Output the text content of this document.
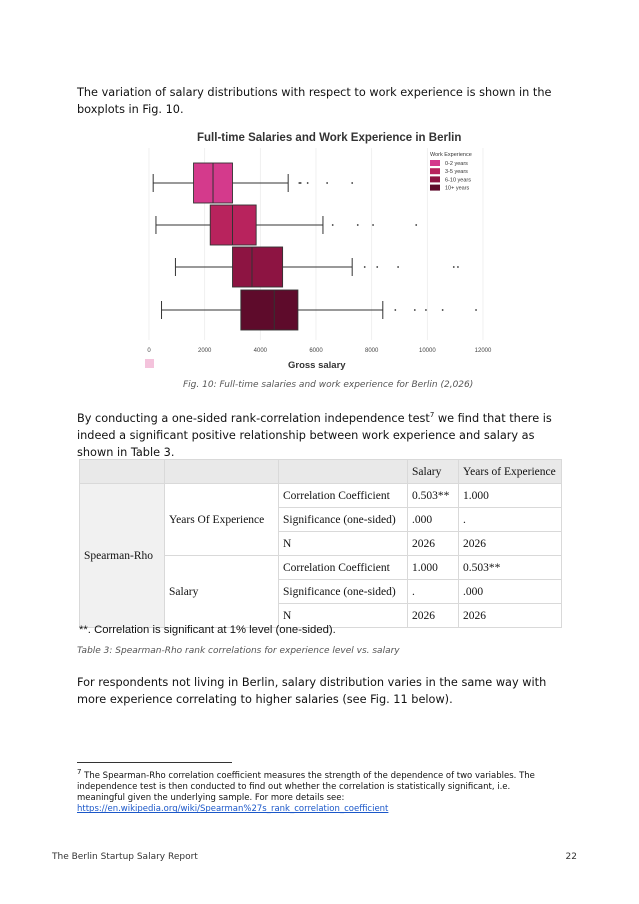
The variation of salary distributions with respect to work experience is shown in the boxplots in Fig. 10.

Full-time Salaries and Work Experience in Berlin
0	2000	4000	6000	8000	10000	12000
Gross salary
Work Experience
0-2 years
3-5 years
6-10 years
10+ years
Fig. 10: Full-time salaries and work experience for Berlin (2,026)

By conducting a one-sided rank-correlation independence test$^7$ we find that there is indeed a significant positive relationship between work experience and salary as shown in Table 3.

			Salary	Years of Experience
Spearman-Rho	Years Of Experience	Correlation Coefficient	0.503**	1.000
		Significance (one-sided)	.000	.
		N	2026	2026
	Salary	Correlation Coefficient	1.000	0.503**
		Significance (one-sided)	.	.000
		N	2026	2026
**. Correlation is significant at 1% level (one-sided).
Table 3: Spearman-Rho rank correlations for experience level vs. salary

For respondents not living in Berlin, salary distribution varies in the same way with more experience correlating to higher salaries (see Fig. 11 below).

$^7$ The Spearman-Rho correlation coefficient measures the strength of the dependence of two variables. The independence test is then conducted to find out whether the correlation is statistically significant, i.e. meaningful given the underlying sample. For more details see:
https://en.wikipedia.org/wiki/Spearman%27s_rank_correlation_coefficient
The Berlin Startup Salary Report	22
